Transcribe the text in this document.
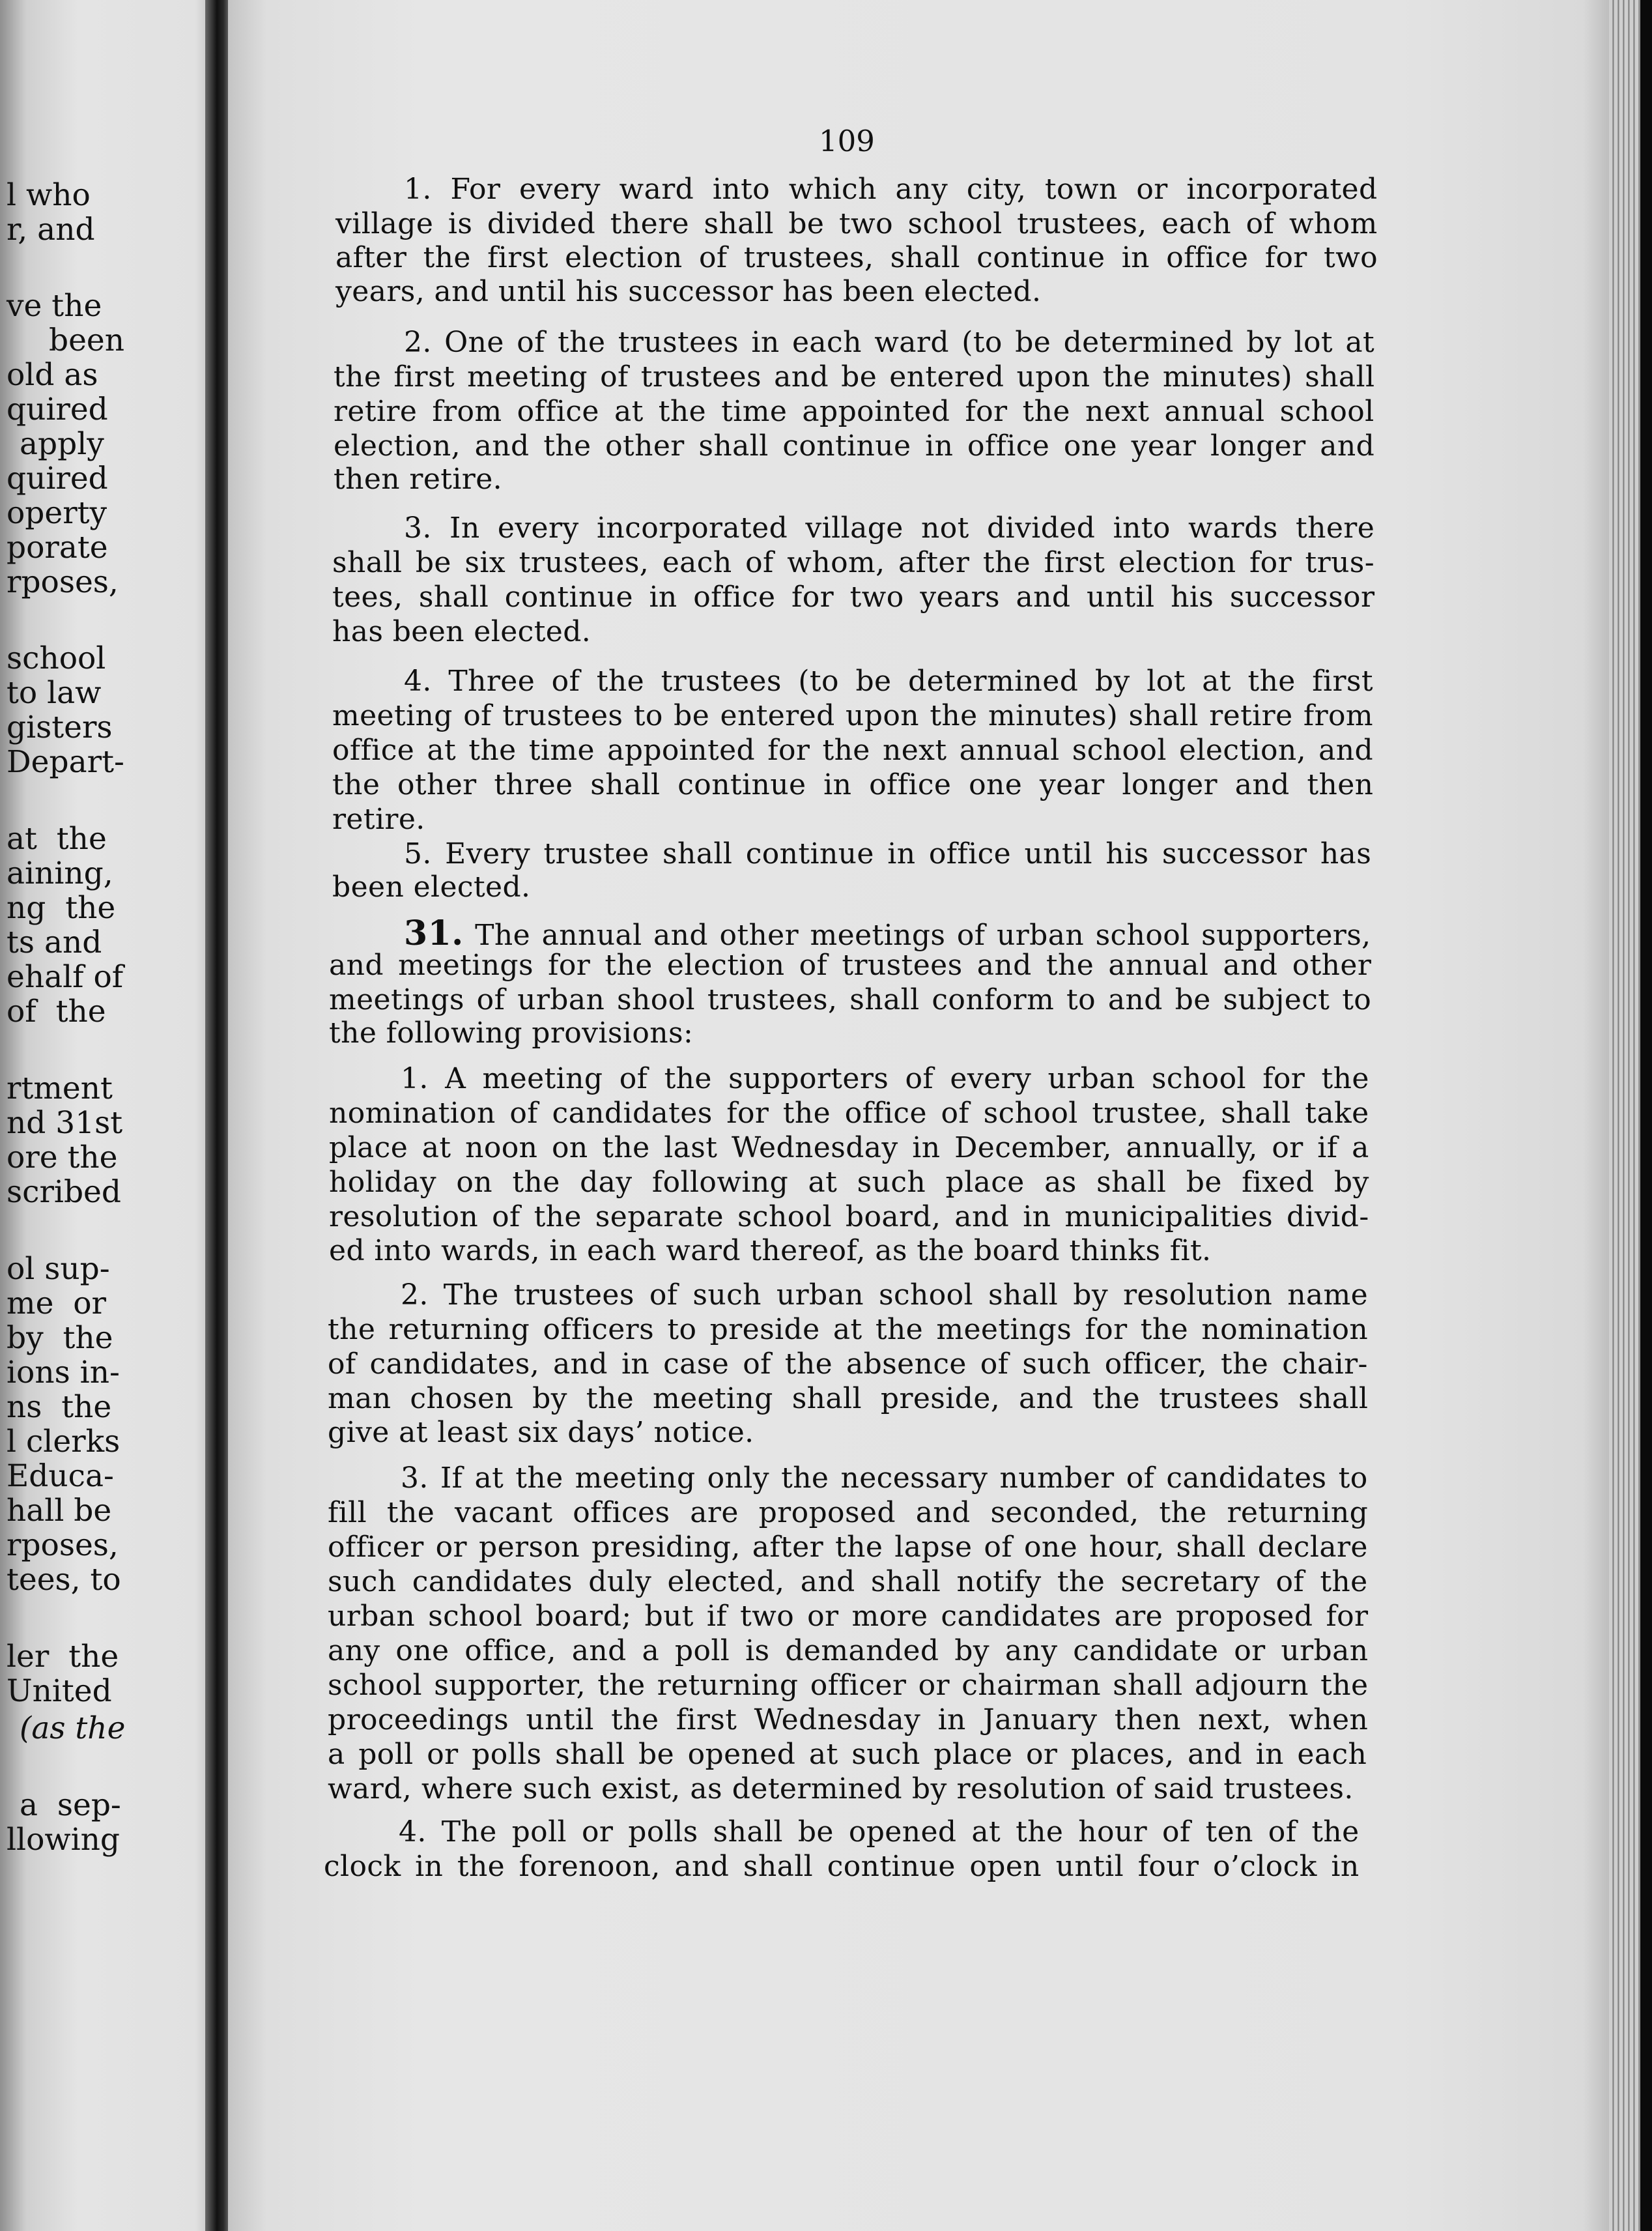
l who
r, and
ve the
been
old as
quired
apply
quired
operty
porate
rposes,
school
to law
gisters
Depart-
at  the
aining,
ng  the
ts and
ehalf of
of  the
rtment
nd 31st
ore the
scribed
ol sup-
me  or
by  the
ions in-
ns  the
l clerks
Educa-
hall be
rposes,
tees, to
ler  the
United
(as the
a  sep-
llowing
109
1. For every ward into which any city, town or incorporated
village is divided there shall be two school trustees, each of whom
after the first election of trustees, shall continue in office for two
years, and until his successor has been elected.
2. One of the trustees in each ward (to be determined by lot at
the first meeting of trustees and be entered upon the minutes) shall
retire from office at the time appointed for the next annual school
election, and the other shall continue in office one year longer and
then retire.
3. In every incorporated village not divided into wards there
shall be six trustees, each of whom, after the first election for trus-
tees, shall continue in office for two years and until his successor
has been elected.
4. Three of the trustees (to be determined by lot at the first
meeting of trustees to be entered upon the minutes) shall retire from
office at the time appointed for the next annual school election, and
the other three shall continue in office one year longer and then
retire.
5. Every trustee shall continue in office until his successor has
been elected.
31. The annual and other meetings of urban school supporters,
and meetings for the election of trustees and the annual and other
meetings of urban shool trustees, shall conform to and be subject to
the following provisions:
1. A meeting of the supporters of every urban school for the
nomination of candidates for the office of school trustee, shall take
place at noon on the last Wednesday in December, annually, or if a
holiday on the day following at such place as shall be fixed by
resolution of the separate school board, and in municipalities divid-
ed into wards, in each ward thereof, as the board thinks fit.
2. The trustees of such urban school shall by resolution name
the returning officers to preside at the meetings for the nomination
of candidates, and in case of the absence of such officer, the chair-
man chosen by the meeting shall preside, and the trustees shall
give at least six days’ notice.
3. If at the meeting only the necessary number of candidates to
fill the vacant offices are proposed and seconded, the returning
officer or person presiding, after the lapse of one hour, shall declare
such candidates duly elected, and shall notify the secretary of the
urban school board; but if two or more candidates are proposed for
any one office, and a poll is demanded by any candidate or urban
school supporter, the returning officer or chairman shall adjourn the
proceedings until the first Wednesday in January then next, when
a poll or polls shall be opened at such place or places, and in each
ward, where such exist, as determined by resolution of said trustees.
4. The poll or polls shall be opened at the hour of ten of the
clock in the forenoon, and shall continue open until four o’clock in
